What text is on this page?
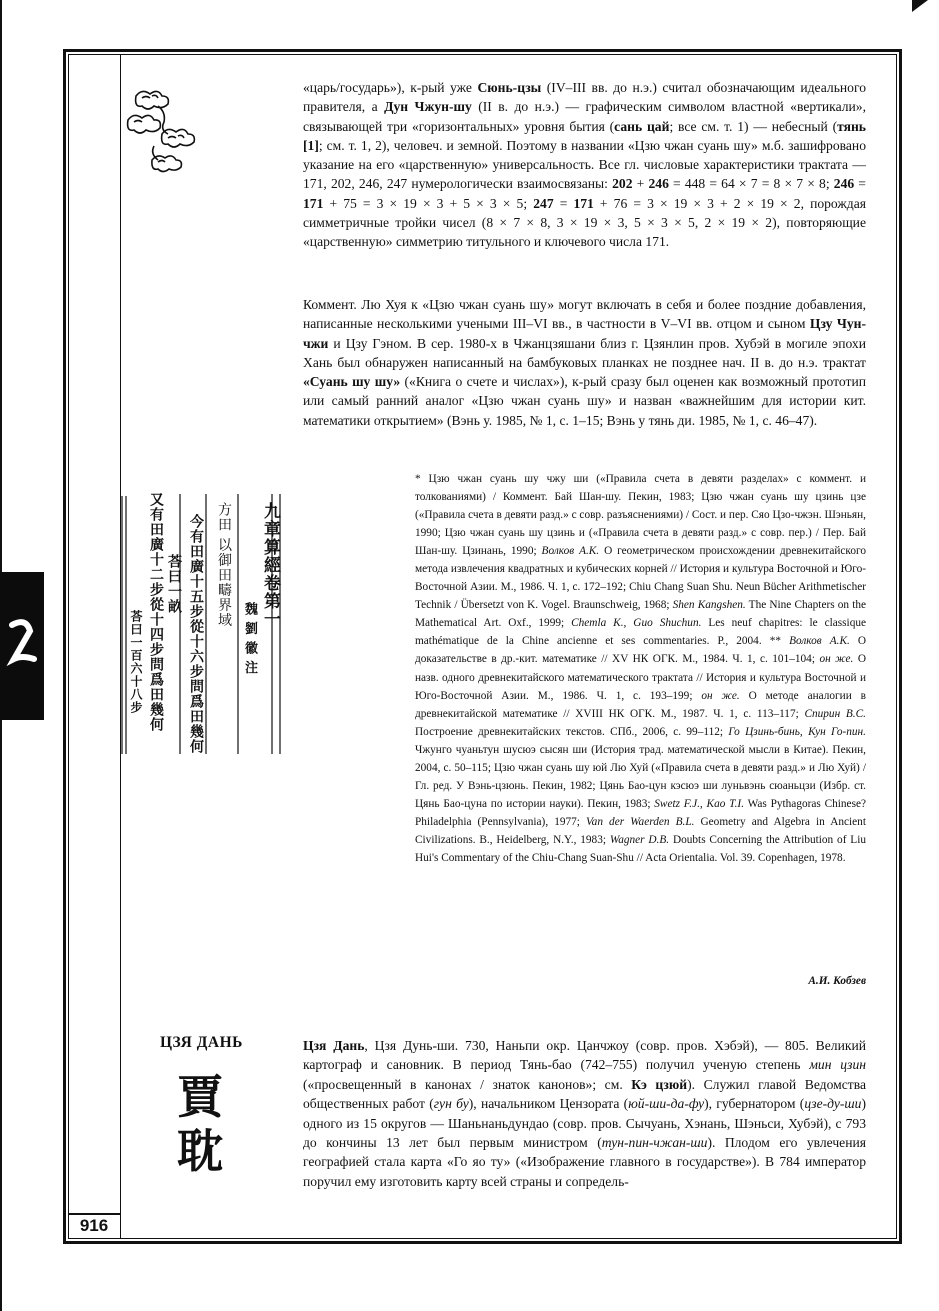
916

«царь/государь»), к-рый уже Сюнь-цзы (IV–III вв. до н.э.) считал обозначающим идеального правителя, а Дун Чжун-шу (II в. до н.э.) — графическим символом властной «вертикали», связывающей три «горизонтальных» уровня бытия (сань цай; все см. т. 1) — небесный (тянь [1]; см. т. 1, 2), человеч. и земной. Поэтому в названии «Цзю чжан суань шу» м.б. зашифровано указание на его «царственную» универсальность. Все гл. числовые характеристики трактата — 171, 202, 246, 247 нумерологически взаимосвязаны: 202 + 246 = 448 = 64 × 7 = 8 × 7 × 8; 246 = 171 + 75 = 3 × 19 × 3 + 5 × 3 × 5; 247 = 171 + 76 = 3 × 19 × 3 + 2 × 19 × 2, порождая симметричные тройки чисел (8 × 7 × 8, 3 × 19 × 3, 5 × 3 × 5, 2 × 19 × 2), повторяющие «царственную» симметрию титульного и ключевого числа 171.

Коммент. Лю Хуя к «Цзю чжан суань шу» могут включать в себя и более поздние добавления, написанные несколькими учеными III–VI вв., в частности в V–VI вв. отцом и сыном Цзу Чун-чжи и Цзу Гэном. В сер. 1980-х в Чжанцзяшани близ г. Цзянлин пров. Хубэй в могиле эпохи Хань был обнаружен написанный на бамбуковых планках не позднее нач. II в. до н.э. трактат «Суань шу шу» («Книга о счете и числах»), к-рый сразу был оценен как возможный прототип или самый ранний аналог «Цзю чжан суань шу» и назван «важнейшим для истории кит. математики открытием» (Вэнь у. 1985, № 1, с. 1–15; Вэнь у тянь ди. 1985, № 1, с. 46–47).

* Цзю чжан суань шу чжу ши («Правила счета в девяти разделах» с коммент. и толкованиями) / Коммент. Бай Шан-шу. Пекин, 1983; Цзю чжан суань шу цзинь цзе («Правила счета в девяти разд.» с совр. разъяснениями) / Сост. и пер. Сяо Цзо-чжэн. Шэньян, 1990; Цзю чжан суань шу цзинь и («Правила счета в девяти разд.» с совр. пер.) / Пер. Бай Шан-шу. Цзинань, 1990; Волков А.К. О геометрическом происхождении древнекитайского метода извлечения квадратных и кубических корней // История и культура Восточной и Юго-Восточной Азии. М., 1986. Ч. 1, с. 172–192; Chiu Chang Suan Shu. Neun Bücher Arithmetischer Technik / Übersetzt von K. Vogel. Braunschweig, 1968; Shen Kangshen. The Nine Chapters on the Mathematical Art. Oxf., 1999; Chemla K., Guo Shuchun. Les neuf chapitres: le classique mathématique de la Chine ancienne et ses commentaries. P., 2004. ** Волков А.К. О доказательстве в др.-кит. математике // XV НК ОГК. М., 1984. Ч. 1, с. 101–104; он же. О назв. одного древнекитайского математического трактата // История и культура Восточной и Юго-Восточной Азии. М., 1986. Ч. 1, с. 193–199; он же. О методе аналогии в древнекитайской математике // XVIII НК ОГК. М., 1987. Ч. 1, с. 113–117; Спирин В.С. Построение древнекитайских текстов. СПб., 2006, с. 99–112; Го Цзинь-бинь, Кун Го-пин. Чжунго чуаньтун шусюэ сысян ши (История трад. математической мысли в Китае). Пекин, 2004, с. 50–115; Цзю чжан суань шу юй Лю Хуй («Правила счета в девяти разд.» и Лю Хуй) / Гл. ред. У Вэнь-цзюнь. Пекин, 1982; Цянь Бао-цун кэсюэ ши луньвэнь сюаньцзи (Избр. ст. Цянь Бао-цуна по истории науки). Пекин, 1983; Swetz F.J., Kao T.I. Was Pythagoras Chinese? Philadelphia (Pennsylvania), 1977; Van der Waerden B.L. Geometry and Algebra in Ancient Civilizations. B., Heidelberg, N.Y., 1983; Wagner D.B. Doubts Concerning the Attribution of Liu Hui's Commentary of the Chiu-Chang Suan-Shu // Acta Orientalia. Vol. 39. Copenhagen, 1978.

А.И. Кобзев
九章算經卷第一
魏 劉 徽 注
方田 以御田疇界域
今有田廣十五步從十六步問爲田幾何
荅曰一畝
又有田廣十二步從十四步問爲田幾何
荅曰一百六十八步
ЦЗЯ ДАНЬ
賈
耽

Цзя Дань, Цзя Дунь-ши. 730, Наньпи окр. Цанчжоу (совр. пров. Хэбэй), — 805. Великий картограф и сановник. В период Тянь-бао (742–755) получил ученую степень мин цзин («просвещенный в канонах / знаток канонов»; см. Кэ цзюй). Служил главой Ведомства общественных работ (гун бу), начальником Цензората (юй-ши-да-фу), губернатором (цзе-ду-ши) одного из 15 округов — Шаньнаньдундао (совр. пров. Сычуань, Хэнань, Шэньси, Хубэй), с 793 до кончины 13 лет был первым министром (тун-пин-чжан-ши). Плодом его увлечения географией стала карта «Го яо ту» («Изображение главного в государстве»). В 784 император поручил ему изготовить карту всей страны и сопредель-
